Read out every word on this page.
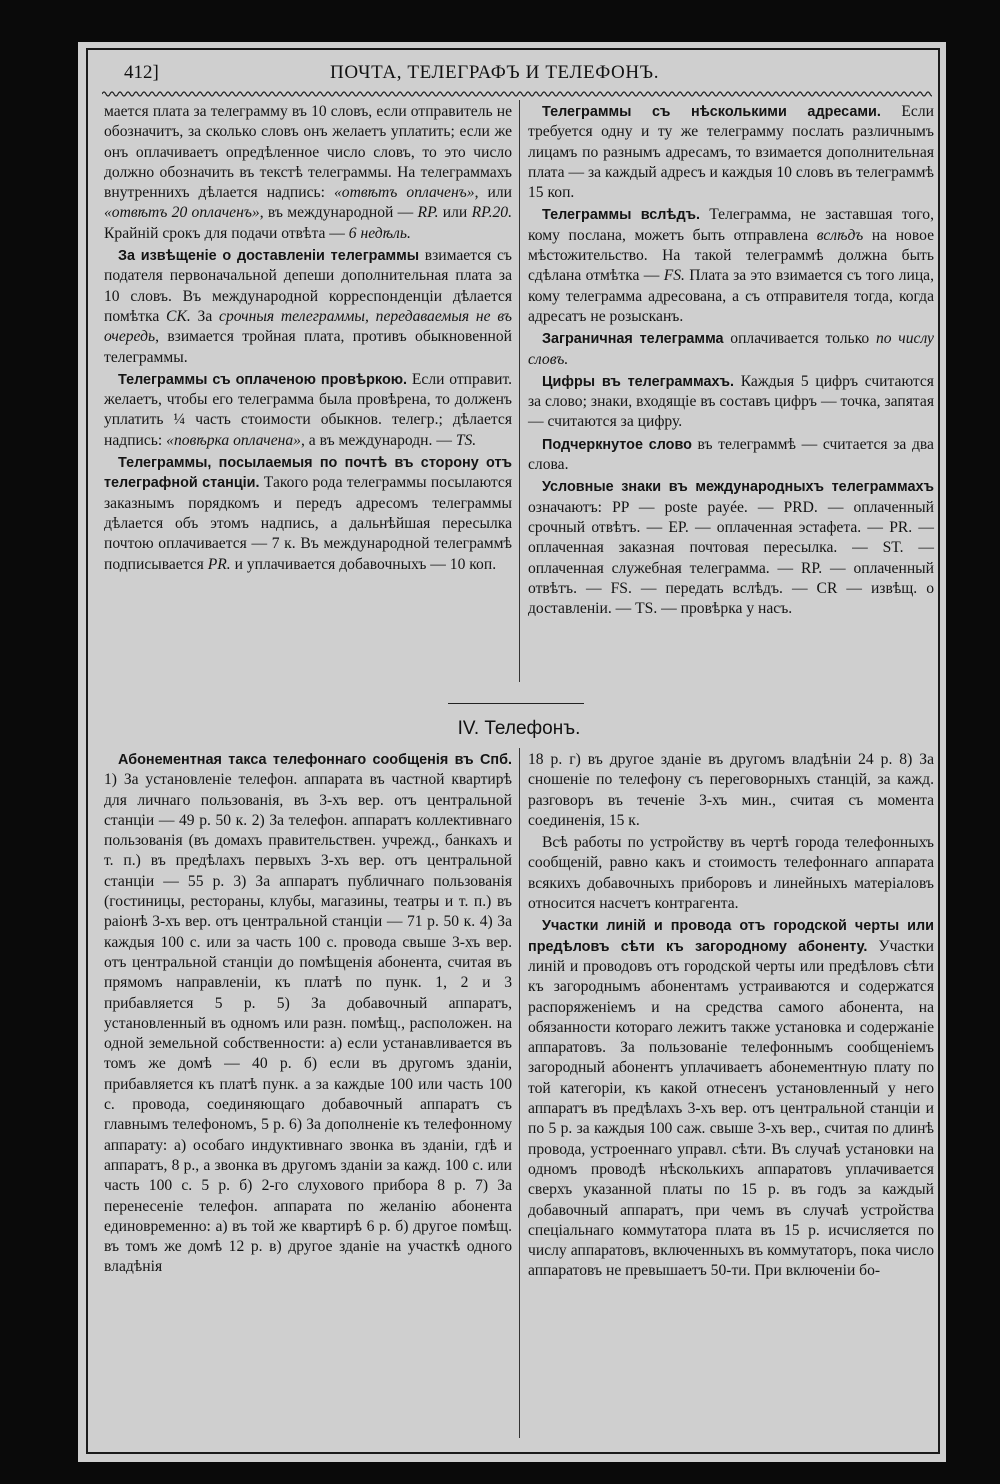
412]	ПОЧТА, ТЕЛЕГРАФЪ И ТЕЛЕФОНЪ.

мается плата за телеграмму въ 10 словъ, если отправитель не обозначитъ, за сколько словъ онъ желаетъ уплатить; если же онъ оплачиваетъ опредѣленное число словъ, то это число должно обозначить въ текстѣ телеграммы. На телеграммахъ внутреннихъ дѣлается надпись: «отвѣтъ оплаченъ», или «отвѣтъ 20 оплаченъ», въ международной — RP. или RP.20. Крайній срокъ для подачи отвѣта — 6 недѣль.

За извѣщеніе о доставленіи телеграммы взимается съ подателя первоначальной депеши дополнительная плата за 10 словъ. Въ международной корреспонденціи дѣлается помѣтка CK. За срочныя телеграммы, передаваемыя не въ очередь, взимается тройная плата, противъ обыкновенной телеграммы.

Телеграммы съ оплаченою провѣркою. Если отправит. желаетъ, чтобы его телеграмма была провѣрена, то долженъ уплатить ¼ часть стоимости обыкнов. телегр.; дѣлается надпись: «повѣрка оплачена», а въ международн. — TS.

Телеграммы, посылаемыя по почтѣ въ сторону отъ телеграфной станціи. Такого рода телеграммы посылаются заказнымъ порядкомъ и передъ адресомъ телеграммы дѣлается объ этомъ надпись, а дальнѣйшая пересылка почтою оплачивается — 7 к. Въ международной телеграммѣ подписывается PR. и уплачивается добавочныхъ — 10 коп.

Телеграммы съ нѣсколькими адресами. Если требуется одну и ту же телеграмму послать различнымъ лицамъ по разнымъ адресамъ, то взимается дополнительная плата — за каждый адресъ и каждыя 10 словъ въ телеграммѣ 15 коп.

Телеграммы вслѣдъ. Телеграмма, не заставшая того, кому послана, можетъ быть отправлена вслѣдъ на новое мѣстожительство. На такой телеграммѣ должна быть сдѣлана отмѣтка — FS. Плата за это взимается съ того лица, кому телеграмма адресована, а съ отправителя тогда, когда адресатъ не розысканъ.

Заграничная телеграмма оплачивается только по числу словъ.

Цифры въ телеграммахъ. Каждыя 5 цифръ считаются за слово; знаки, входящіе въ составъ цифръ — точка, запятая — считаются за цифру.

Подчеркнутое слово въ телеграммѣ — считается за два слова.

Условные знаки въ международныхъ телеграммахъ означаютъ: PP — poste payée. — PRD. — оплаченный срочный отвѣтъ. — EP. — оплаченная эстафета. — PR. — оплаченная заказная почтовая пересылка. — ST. — оплаченная служебная телеграмма. — RP. — оплаченный отвѣтъ. — FS. — передать вслѣдъ. — CR — извѣщ. о доставленіи. — TS. — провѣрка у насъ.

IV. Телефонъ.

Абонементная такса телефоннаго сообщенія въ Спб. 1) За установленіе телефон. аппарата въ частной квартирѣ для личнаго пользованія, въ 3-хъ вер. отъ центральной станціи — 49 р. 50 к. 2) За телефон. аппаратъ коллективнаго пользованія (въ домахъ правительствен. учрежд., банкахъ и т. п.) въ предѣлахъ первыхъ 3-хъ вер. отъ центральной станціи — 55 р. 3) За аппаратъ публичнаго пользованія (гостиницы, рестораны, клубы, магазины, театры и т. п.) въ раіонѣ 3-хъ вер. отъ центральной станціи — 71 р. 50 к. 4) За каждыя 100 с. или за часть 100 с. провода свыше 3-хъ вер. отъ центральной станціи до помѣщенія абонента, считая въ прямомъ направленіи, къ платѣ по пунк. 1, 2 и 3 прибавляется 5 р. 5) За добавочный аппаратъ, установленный въ одномъ или разн. помѣщ., расположен. на одной земельной собственности: а) если устанавливается въ томъ же домѣ — 40 р. б) если въ другомъ зданіи, прибавляется къ платѣ пунк. а за каждые 100 или часть 100 с. провода, соединяющаго добавочный аппаратъ съ главнымъ телефономъ, 5 р. 6) За дополненіе къ телефонному аппарату: а) особаго индуктивнаго звонка въ зданіи, гдѣ и аппаратъ, 8 р., а звонка въ другомъ зданіи за кажд. 100 с. или часть 100 с. 5 р. б) 2-го слухового прибора 8 р. 7) За перенесеніе телефон. аппарата по желанію абонента единовременно: а) въ той же квартирѣ 6 р. б) другое помѣщ. въ томъ же домѣ 12 р. в) другое зданіе на участкѣ одного владѣнія

18 р. г) въ другое зданіе въ другомъ владѣніи 24 р. 8) За сношеніе по телефону съ переговорныхъ станцій, за кажд. разговоръ въ теченіе 3-хъ мин., считая съ момента соединенія, 15 к.

Всѣ работы по устройству въ чертѣ города телефонныхъ сообщеній, равно какъ и стоимость телефоннаго аппарата всякихъ добавочныхъ приборовъ и линейныхъ матеріаловъ относится насчетъ контрагента.

Участки линій и провода отъ городской черты или предѣловъ сѣти къ загородному абоненту. Участки линій и проводовъ отъ городской черты или предѣловъ сѣти къ загороднымъ абонентамъ устраиваются и содержатся распоряженіемъ и на средства самого абонента, на обязанности котораго лежитъ также установка и содержаніе аппаратовъ. За пользованіе телефоннымъ сообщеніемъ загородный абонентъ уплачиваетъ абонементную плату по той категоріи, къ какой отнесенъ установленный у него аппаратъ въ предѣлахъ 3-хъ вер. отъ центральной станціи и по 5 р. за каждыя 100 саж. свыше 3-хъ вер., считая по длинѣ провода, устроеннаго управл. сѣти. Въ случаѣ установки на одномъ проводѣ нѣсколькихъ аппаратовъ уплачивается сверхъ указанной платы по 15 р. въ годъ за каждый добавочный аппаратъ, при чемъ въ случаѣ устройства спеціальнаго коммутатора плата въ 15 р. исчисляется по числу аппаратовъ, включенныхъ въ коммутаторъ, пока число аппаратовъ не превышаетъ 50-ти. При включеніи бо-
